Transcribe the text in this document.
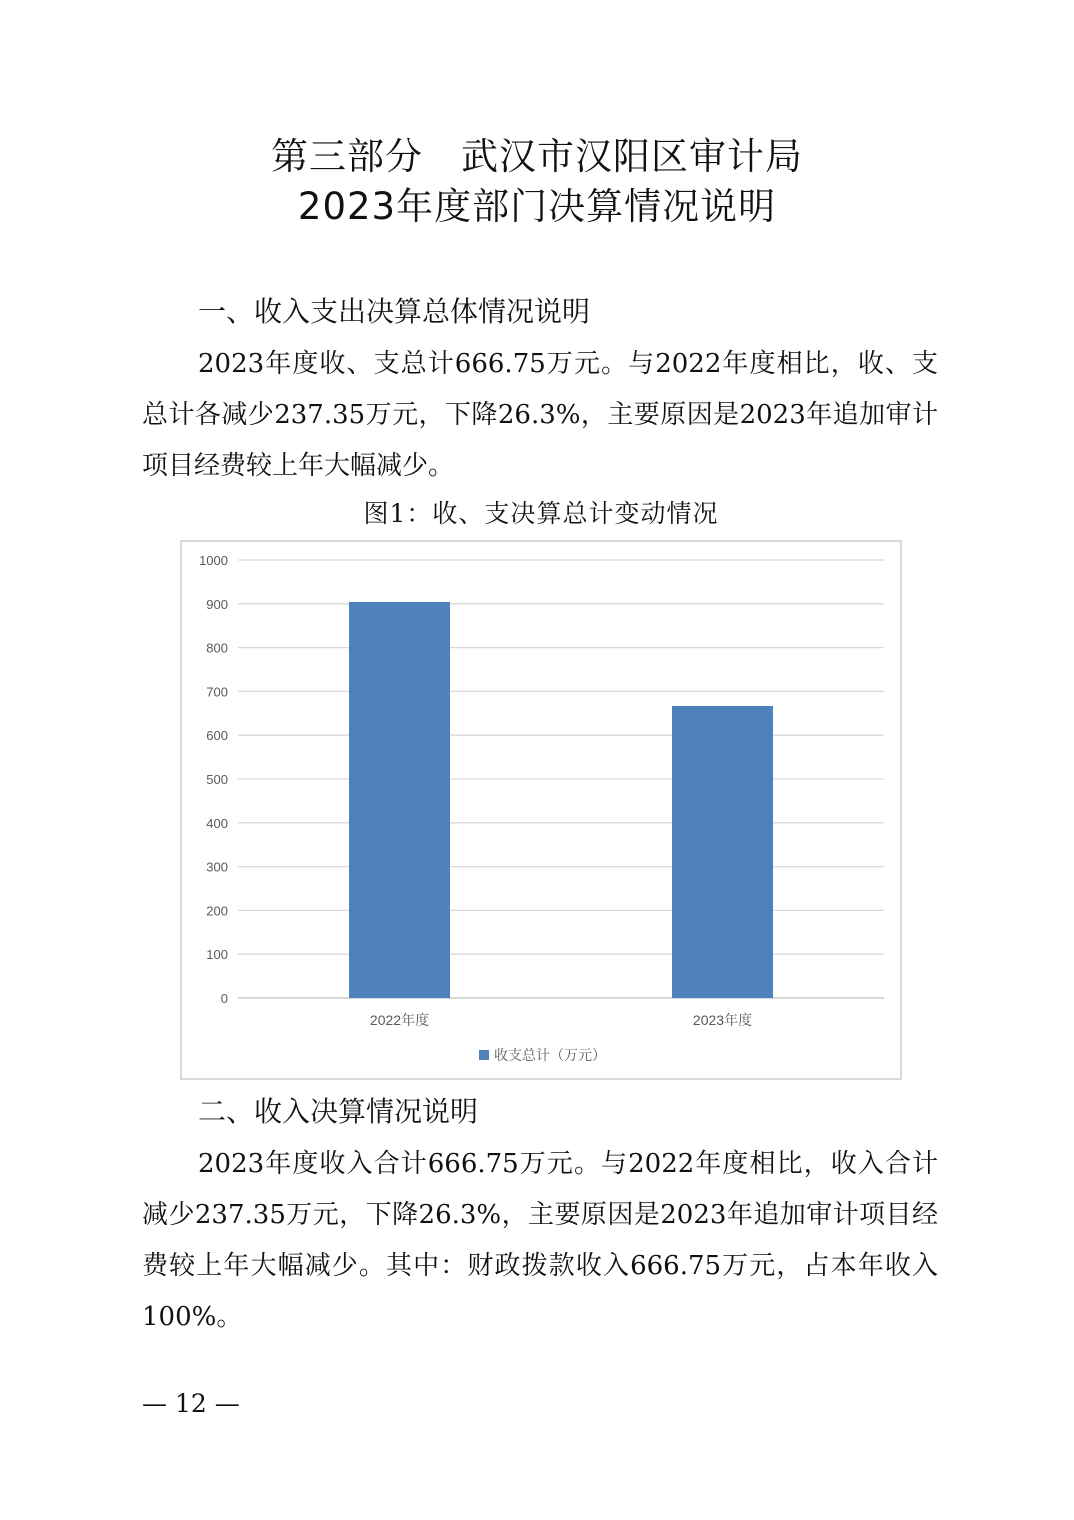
第三部分　武汉市汉阳区审计局
2023年度部门决算情况说明
一、收入支出决算总体情况说明
2023年度收、支总计666.75万元。与2022年度相比，收、支总计各减少237.35万元，下降26.3%，主要原因是2023年追加审计项目经费较上年大幅减少。
图1：收、支决算总计变动情况
0
100
200
300
400
500
600
700
800
900
1000
2022年度	2023年度
收支总计（万元）
二、收入决算情况说明
2023年度收入合计666.75万元。与2022年度相比，收入合计减少237.35万元，下降26.3%，主要原因是2023年追加审计项目经费较上年大幅减少。其中：财政拨款收入666.75万元，占本年收入100%。
— 12 —
